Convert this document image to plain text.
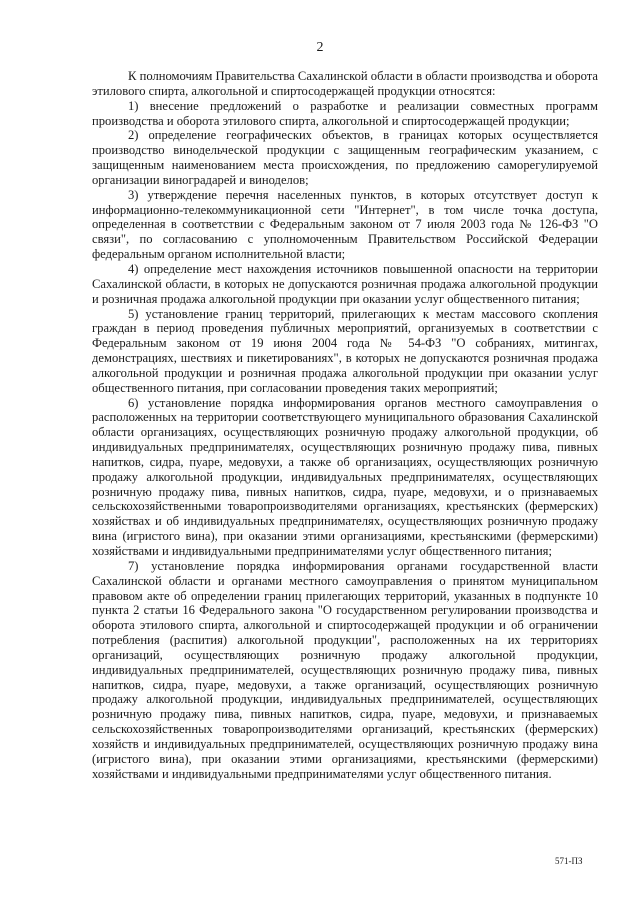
2

К полномочиям Правительства Сахалинской области в области производства и оборота этилового спирта, алкогольной и спиртосодержащей продукции относятся:

1) внесение предложений о разработке и реализации совместных программ производства и оборота этилового спирта, алкогольной и спиртосодержащей продукции;

2) определение географических объектов, в границах которых осуществляется производство винодельческой продукции с защищенным географическим указанием, с защищенным наименованием места происхождения, по предложению саморегулируемой организации виноградарей и виноделов;

3) утверждение перечня населенных пунктов, в которых отсутствует доступ к информационно-телекоммуникационной сети "Интернет", в том числе точка доступа, определенная в соответствии с Федеральным законом от 7 июля 2003 года № 126-ФЗ "О связи", по согласованию с уполномоченным Правительством Российской Федерации федеральным органом исполнительной власти;

4) определение мест нахождения источников повышенной опасности на территории Сахалинской области, в которых не допускаются розничная продажа алкогольной продукции и розничная продажа алкогольной продукции при оказании услуг общественного питания;

5) установление границ территорий, прилегающих к местам массового скопления граждан в период проведения публичных мероприятий, организуемых в соответствии с Федеральным законом от 19 июня 2004 года № 54-ФЗ "О собраниях, митингах, демонстрациях, шествиях и пикетированиях", в которых не допускаются розничная продажа алкогольной продукции и розничная продажа алкогольной продукции при оказании услуг общественного питания, при согласовании проведения таких мероприятий;

6) установление порядка информирования органов местного самоуправления о расположенных на территории соответствующего муниципального образования Сахалинской области организациях, осуществляющих розничную продажу алкогольной продукции, об индивидуальных предпринимателях, осуществляющих розничную продажу пива, пивных напитков, сидра, пуаре, медовухи, а также об организациях, осуществляющих розничную продажу алкогольной продукции, индивидуальных предпринимателях, осуществляющих розничную продажу пива, пивных напитков, сидра, пуаре, медовухи, и о признаваемых сельскохозяйственными товаропроизводителями организациях, крестьянских (фермерских) хозяйствах и об индивидуальных предпринимателях, осуществляющих розничную продажу вина (игристого вина), при оказании этими организациями, крестьянскими (фермерскими) хозяйствами и индивидуальными предпринимателями услуг общественного питания;

7) установление порядка информирования органами государственной власти Сахалинской области и органами местного самоуправления о принятом муниципальном правовом акте об определении границ прилегающих территорий, указанных в подпункте 10 пункта 2 статьи 16 Федерального закона "О государственном регулировании производства и оборота этилового спирта, алкогольной и спиртосодержащей продукции и об ограничении потребления (распития) алкогольной продукции", расположенных на их территориях организаций, осуществляющих розничную продажу алкогольной продукции, индивидуальных предпринимателей, осуществляющих розничную продажу пива, пивных напитков, сидра, пуаре, медовухи, а также организаций, осуществляющих розничную продажу алкогольной продукции, индивидуальных предпринимателей, осуществляющих розничную продажу пива, пивных напитков, сидра, пуаре, медовухи, и признаваемых сельскохозяйственных товаропроизводителями организаций, крестьянских (фермерских) хозяйств и индивидуальных предпринимателей, осуществляющих розничную продажу вина (игристого вина), при оказании этими организациями, крестьянскими (фермерскими) хозяйствами и индивидуальными предпринимателями услуг общественного питания.

571-ПЗ
